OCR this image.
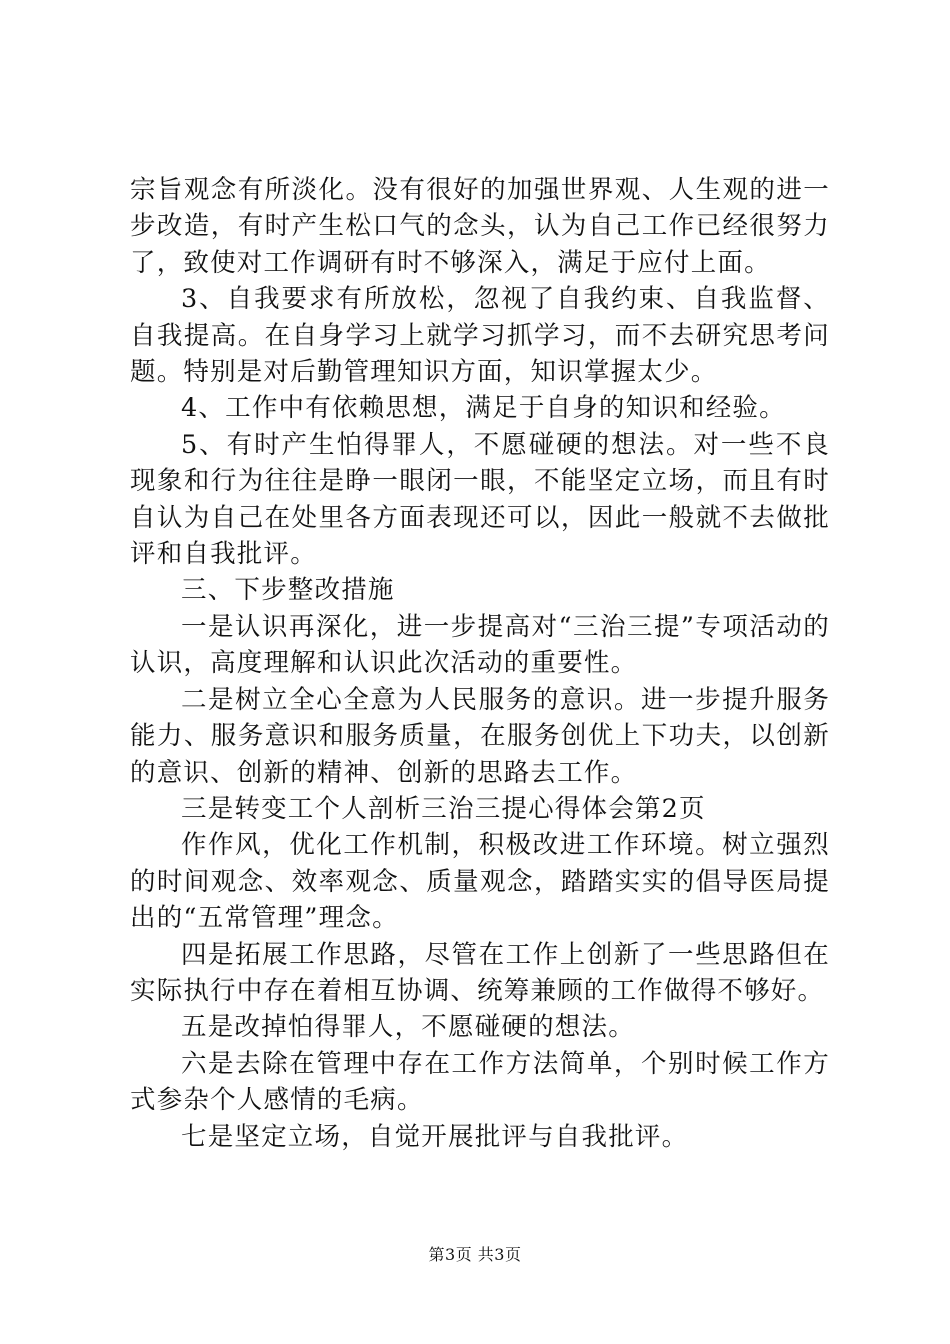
宗旨观念有所淡化。没有很好的加强世界观、人生观的进一步改造，有时产生松口气的念头，认为自己工作已经很努力了，致使对工作调研有时不够深入，满足于应付上面。

3、自我要求有所放松，忽视了自我约束、自我监督、自我提高。在自身学习上就学习抓学习，而不去研究思考问题。特别是对后勤管理知识方面，知识掌握太少。

4、工作中有依赖思想，满足于自身的知识和经验。

5、有时产生怕得罪人，不愿碰硬的想法。对一些不良现象和行为往往是睁一眼闭一眼，不能坚定立场，而且有时自认为自己在处里各方面表现还可以，因此一般就不去做批评和自我批评。

三、下步整改措施

一是认识再深化，进一步提高对“三治三提”专项活动的认识，高度理解和认识此次活动的重要性。

二是树立全心全意为人民服务的意识。进一步提升服务能力、服务意识和服务质量，在服务创优上下功夫，以创新的意识、创新的精神、创新的思路去工作。

三是转变工个人剖析三治三提心得体会第2页

作作风，优化工作机制，积极改进工作环境。树立强烈的时间观念、效率观念、质量观念，踏踏实实的倡导医局提出的“五常管理”理念。

四是拓展工作思路，尽管在工作上创新了一些思路但在实际执行中存在着相互协调、统筹兼顾的工作做得不够好。

五是改掉怕得罪人，不愿碰硬的想法。

六是去除在管理中存在工作方法简单，个别时候工作方式参杂个人感情的毛病。

七是坚定立场，自觉开展批评与自我批评。

第3页 共3页
